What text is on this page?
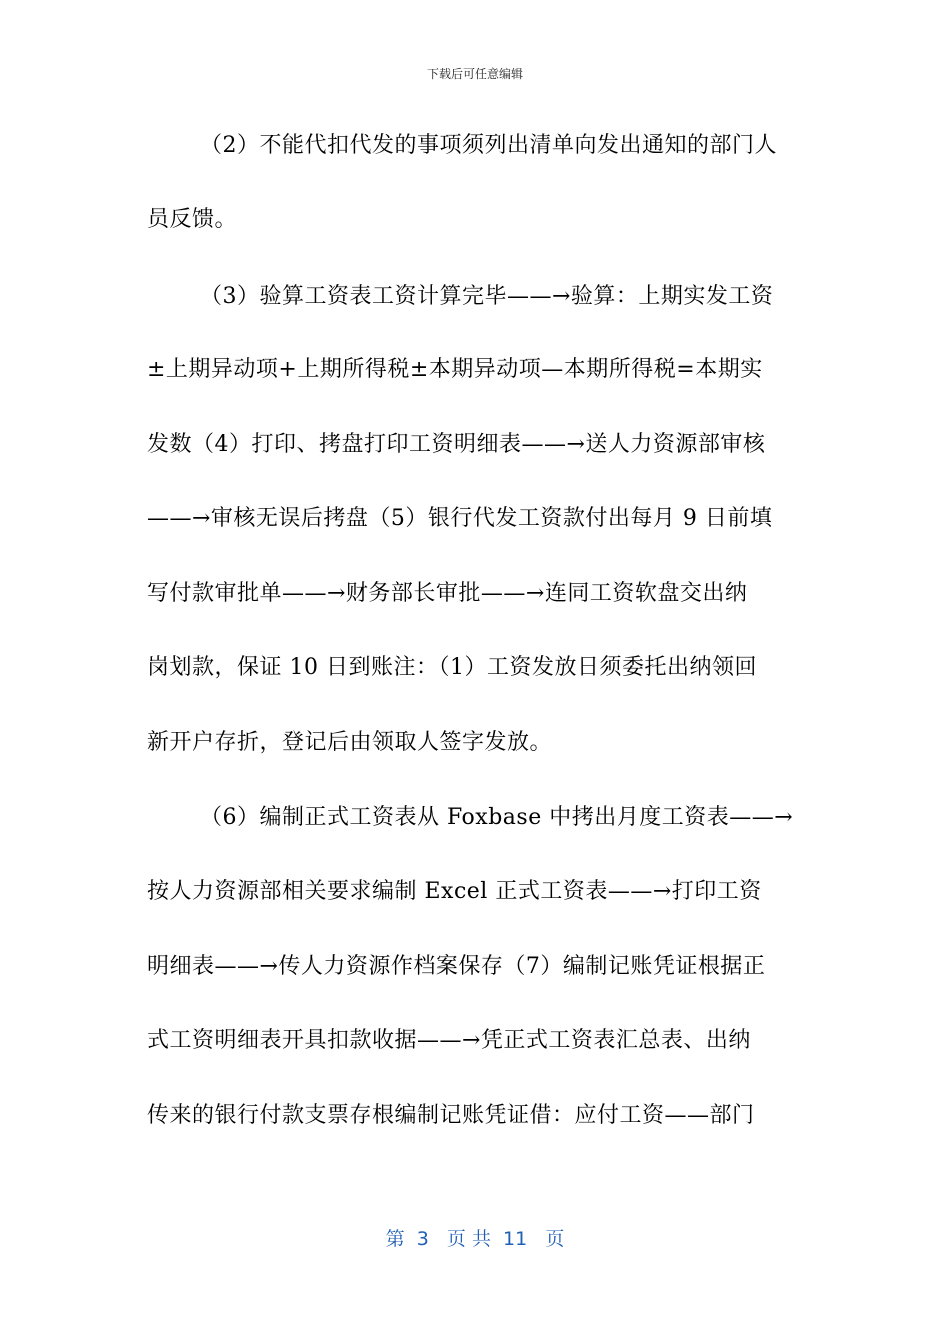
下载后可任意编辑
（2）不能代扣代发的事项须列出清单向发出通知的部门人
员反馈。
（3）验算工资表工资计算完毕——→验算：上期实发工资
±上期异动项+上期所得税±本期异动项—本期所得税=本期实
发数（4）打印、拷盘打印工资明细表——→送人力资源部审核
——→审核无误后拷盘（5）银行代发工资款付出每月 9 日前填
写付款审批单——→财务部长审批——→连同工资软盘交出纳
岗划款，保证 10 日到账注：（1）工资发放日须委托出纳领回
新开户存折，登记后由领取人签字发放。
（6）编制正式工资表从 Foxbase 中拷出月度工资表——→
按人力资源部相关要求编制 Excel 正式工资表——→打印工资
明细表——→传人力资源作档案保存（7）编制记账凭证根据正
式工资明细表开具扣款收据——→凭正式工资表汇总表、出纳
传来的银行付款支票存根编制记账凭证借：应付工资——部门
第  3   页 共  11   页
